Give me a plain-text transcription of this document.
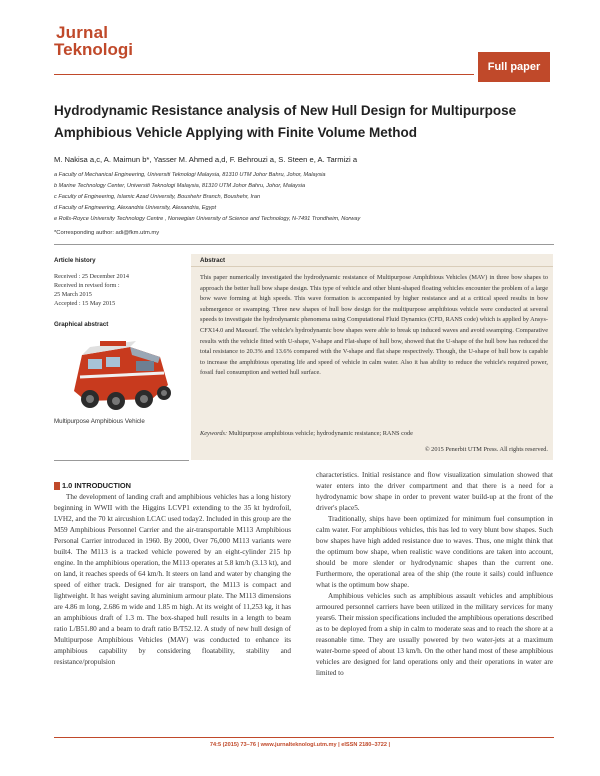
Jurnal
Teknologi
Full paper
Hydrodynamic Resistance analysis of New Hull Design for Multipurpose Amphibious Vehicle Applying with Finite Volume Method
M. Nakisa a,c, A. Maimun b*, Yasser M. Ahmed a,d, F. Behrouzi a, S. Steen e, A. Tarmizi a
a Faculty of Mechanical Engineering, Universiti Teknologi Malaysia, 81310 UTM Johor Bahru, Johor, Malaysia
b Marine Technology Center, Universiti Teknologi Malaysia, 81310 UTM Johor Bahru, Johor, Malaysia
c Faculty of Engineering, Islamic Azad University, Boushehr Branch, Boushehr, Iran
d Faculty of Engineering, Alexandria University, Alexandria, Egypt
e Rolls-Royce University Technology Centre , Norwegian University of Science and Technology, N-7491 Trondheim, Norway
*Corresponding author: adi@fkm.utm.my
Article history
Received : 25 December 2014
Received in revised form :
25 March 2015
Accepted : 15 May 2015
Graphical abstract
Multipurpose Amphibious Vehicle
Abstract
This paper numerically investigated the hydrodynamic resistance of Multipurpose Amphibious Vehicles (MAV) in three bow shapes to approach the better hull bow shape design. This type of vehicle and other blunt-shaped floating vehicles encounter the problem of a large bow wave forming at high speeds. This wave formation is accompanied by higher resistance and at a critical speed results in bow submergence or swamping. Three new shapes of hull bow design for the multipurpose amphibious vehicle were conducted at several speeds to investigate the hydrodynamic phenomena using Computational Fluid Dynamics (CFD, RANS code) which is applied by Ansys-CFX14.0 and Maxsurf. The vehicle's hydrodynamic bow shapes were able to break up induced waves and avoid swamping. Comparative results with the vehicle fitted with U-shape, V-shape and Flat-shape of hull bow, showed that the U-shape of the hull bow has reduced the total resistance to 20.3% and 13.6% compared with the V-shape and flat shape respectively. Though, the U-shape of hull bow is capable to increase the amphibious operating life and speed of vehicle in calm water. Also it has ability to reduce the vehicle's required power, fossil fuel consumption and wetted hull surface.
Keywords: Multipurpose amphibious vehicle; hydrodynamic resistance; RANS code
© 2015 Penerbit UTM Press. All rights reserved.
1.0 INTRODUCTION

The development of landing craft and amphibious vehicles has a long history beginning in WWII with the Higgins LCVP1 extending to the 35 kt hydrofoil, LVH2, and the 70 kt aircushion LCAC used today2. Included in this group are the M59 Amphibious Personnel Carrier and the air-transportable M113 Amphibious Personal Carrier introduced in 1960. By 2000, Over 76,000 M113 variants were built4. The M113 is a tracked vehicle powered by an eight-cylinder 215 hp engine. In the amphibious operation, the M113 operates at 5.8 km/h (3.13 kt), and on land, it reaches speeds of 64 km/h. It steers on land and water by changing the speed of either track. Designed for air transport, the M113 is compact and lightweight. It has weight saving aluminium armour plate. The M113 dimensions are 4.86 m long, 2.686 m wide and 1.85 m high. At its weight of 11,253 kg, it has an amphibious draft of 1.3 m. The box-shaped hull results in a length to beam ratio L/B51.80 and a beam to draft ratio B/T52.12. A study of new hull design of Multipurpose Amphibious Vehicles (MAV) was conducted to enhance its amphibious capability by considering floatability, stability and resistance/propulsion

characteristics. Initial resistance and flow visualization simulation showed that water enters into the driver compartment and that there is a need for a hydrodynamic bow shape in order to prevent water build-up at the front of the driver's place5.

Traditionally, ships have been optimized for minimum fuel consumption in calm water. For amphibious vehicles, this has led to very blunt bow shapes. Such bow shapes have high added resistance due to waves. Thus, one might think that the optimum bow shape, when realistic wave conditions are taken into account, should be more slender or hydrodynamic shapes than the current one. Furthermore, the operational area of the ship (the route it sails) could influence what is the optimum bow shape.

Amphibious vehicles such as amphibious assault vehicles and amphibious armoured personnel carriers have been utilized in the military services for many years6. Their mission specifications included the amphibious operations described as to be deployed from a ship in calm to moderate seas and to reach the shore at a reasonable time. They are usually powered by two water-jets at a maximum water-borne speed of about 13 km/h. On the other hand most of these amphibious vehicles are designed for land operations only and their operations in water are limited to

74:5 (2015) 73–76 | www.jurnalteknologi.utm.my | eISSN 2180–3722 |
